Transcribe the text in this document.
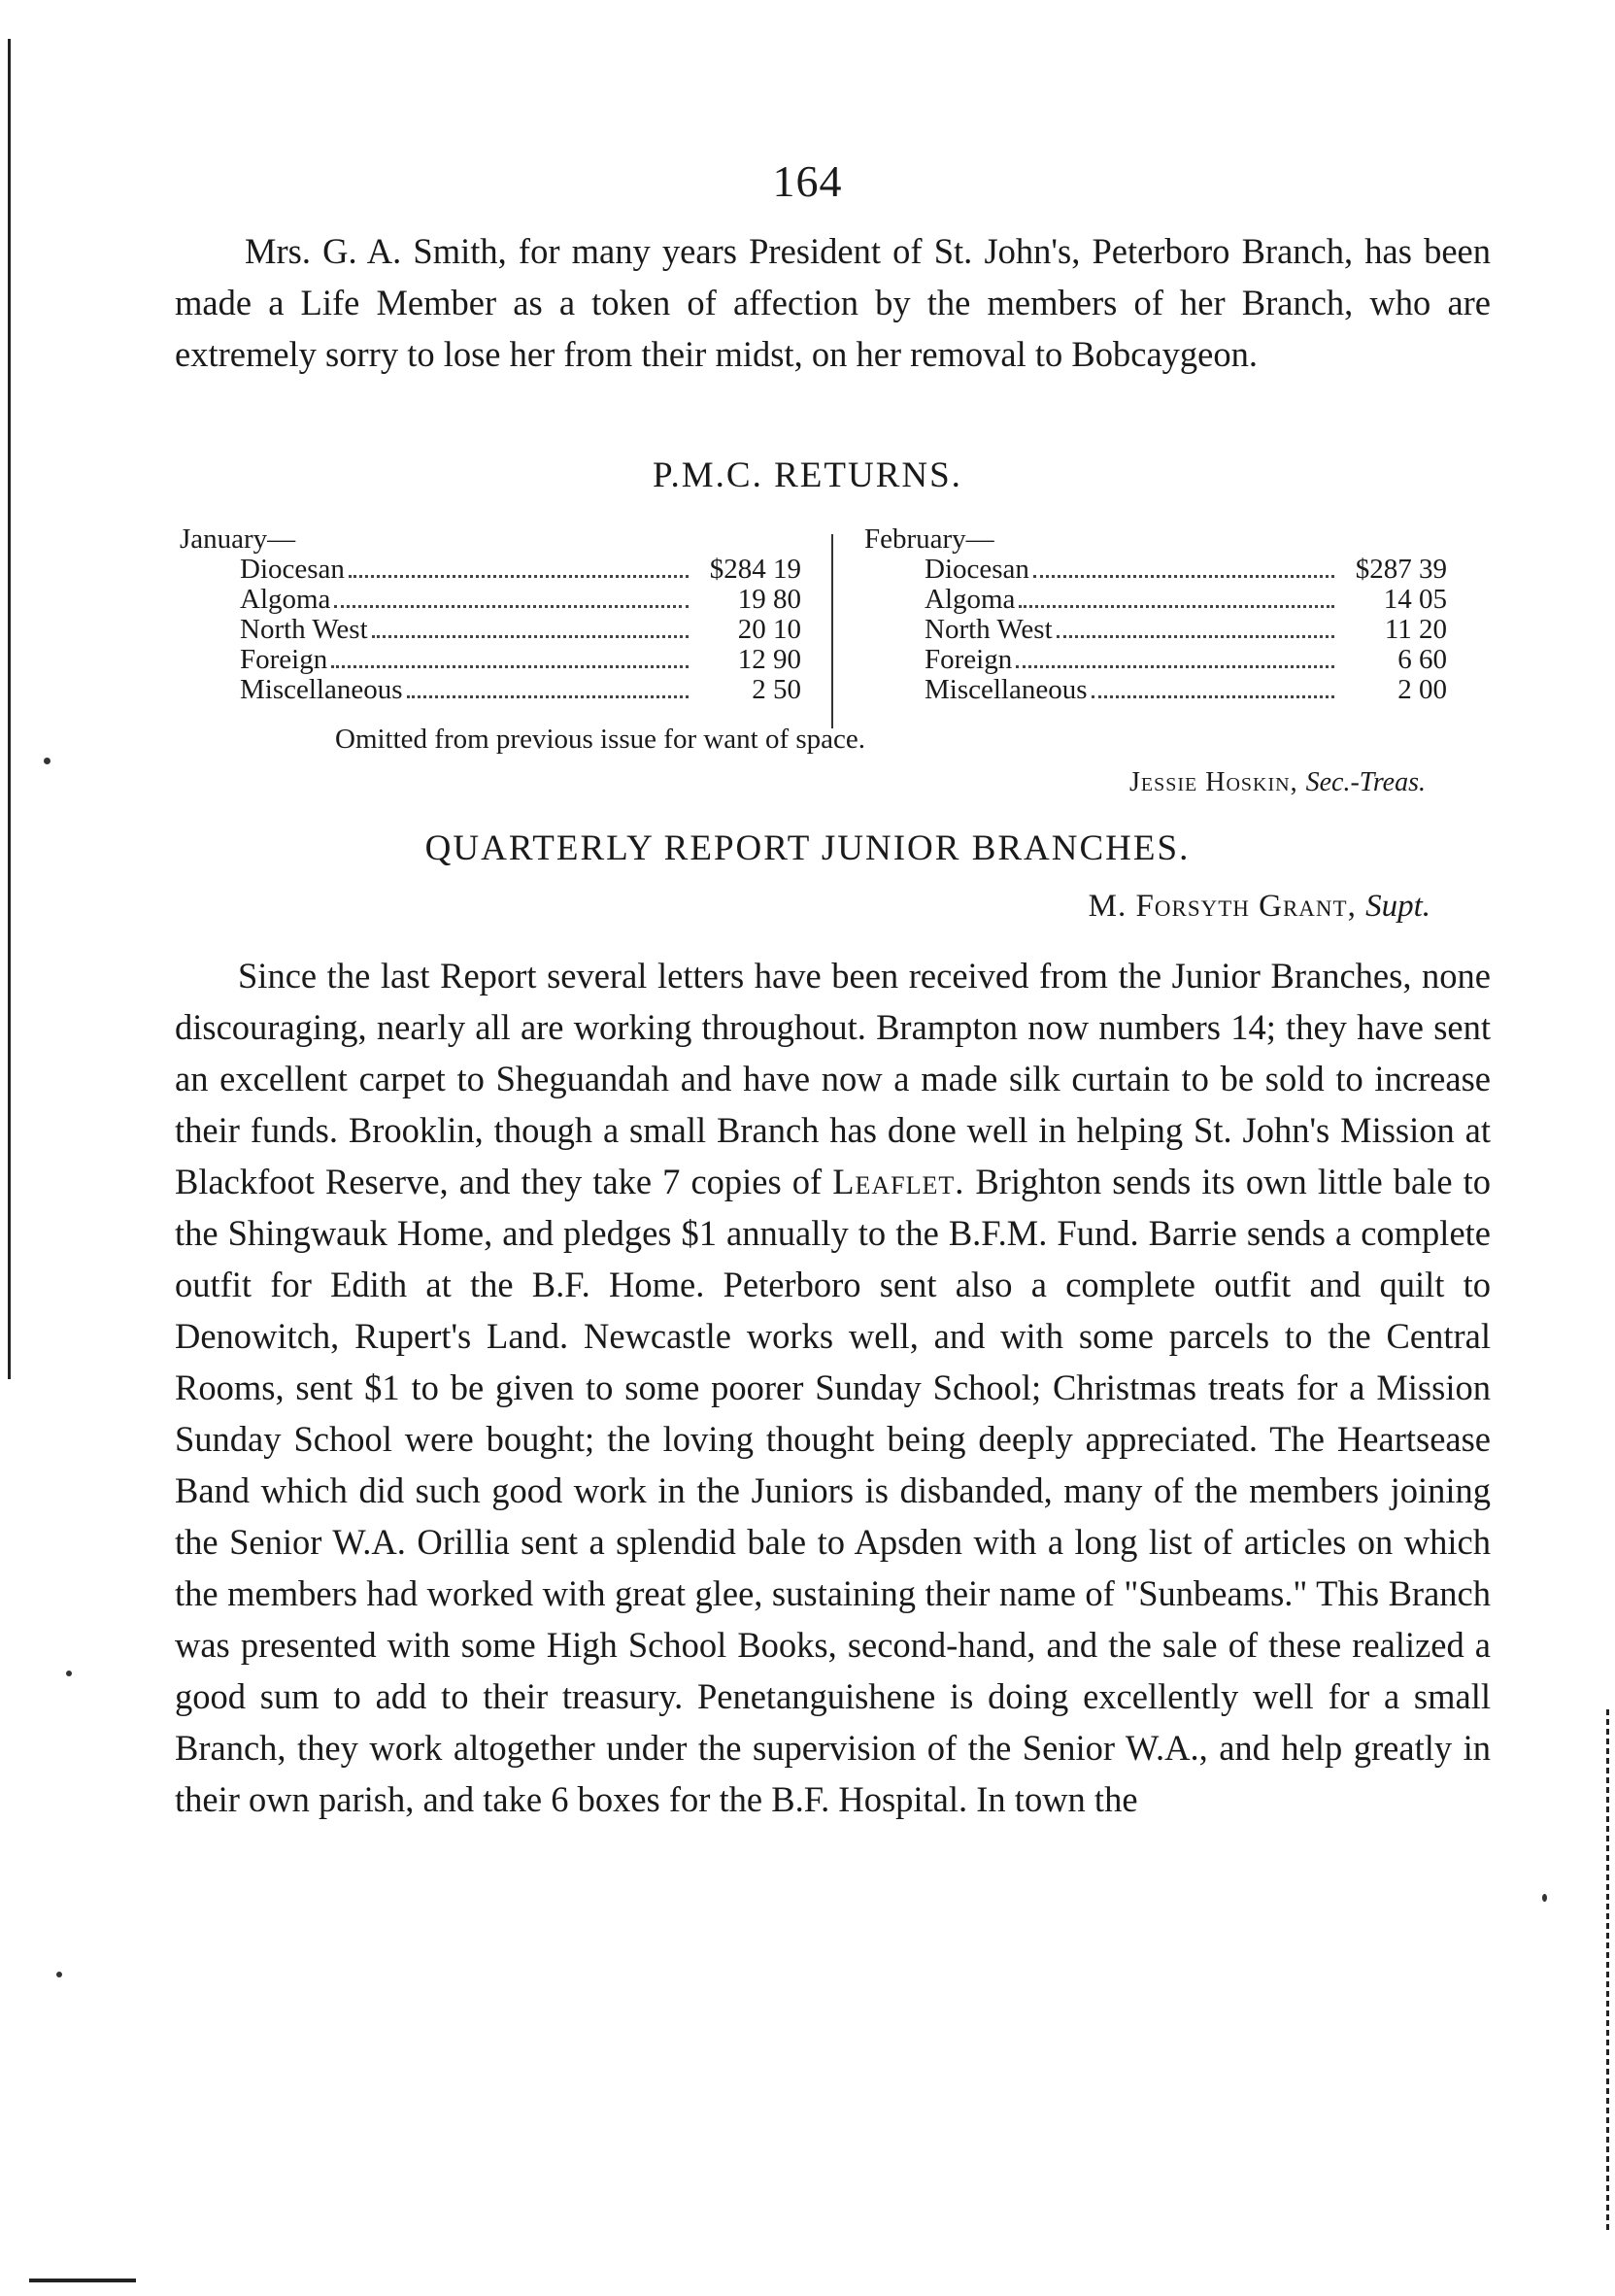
164

Mrs. G. A. Smith, for many years President of St. John's, Peterboro Branch, has been made a Life Member as a token of affection by the members of her Branch, who are extremely sorry to lose her from their midst, on her removal to Bobcaygeon.

P.M.C. RETURNS.
January—
Diocesan	$284 19
Algoma	19 80
North West	20 10
Foreign	12 90
Miscellaneous	2 50
February—
Diocesan	$287 39
Algoma	14 05
North West	11 20
Foreign	6 60
Miscellaneous	2 00
Omitted from previous issue for want of space.
Jessie Hoskin, Sec.-Treas.
QUARTERLY REPORT JUNIOR BRANCHES.
M. Forsyth Grant, Supt.

Since the last Report several letters have been received from the Junior Branches, none discouraging, nearly all are working throughout. Brampton now numbers 14; they have sent an excellent carpet to Sheguandah and have now a made silk curtain to be sold to increase their funds. Brooklin, though a small Branch has done well in helping St. John's Mission at Blackfoot Reserve, and they take 7 copies of Leaflet. Brighton sends its own little bale to the Shingwauk Home, and pledges $1 annually to the B.F.M. Fund. Barrie sends a complete outfit for Edith at the B.F. Home. Peterboro sent also a complete outfit and quilt to Denowitch, Rupert's Land. Newcastle works well, and with some parcels to the Central Rooms, sent $1 to be given to some poorer Sunday School; Christmas treats for a Mission Sunday School were bought; the loving thought being deeply appreciated. The Heartsease Band which did such good work in the Juniors is disbanded, many of the members joining the Senior W.A. Orillia sent a splendid bale to Apsden with a long list of articles on which the members had worked with great glee, sustaining their name of "Sunbeams." This Branch was presented with some High School Books, second-hand, and the sale of these realized a good sum to add to their treasury. Penetanguishene is doing excellently well for a small Branch, they work altogether under the supervision of the Senior W.A., and help greatly in their own parish, and take 6 boxes for the B.F. Hospital. In town the
